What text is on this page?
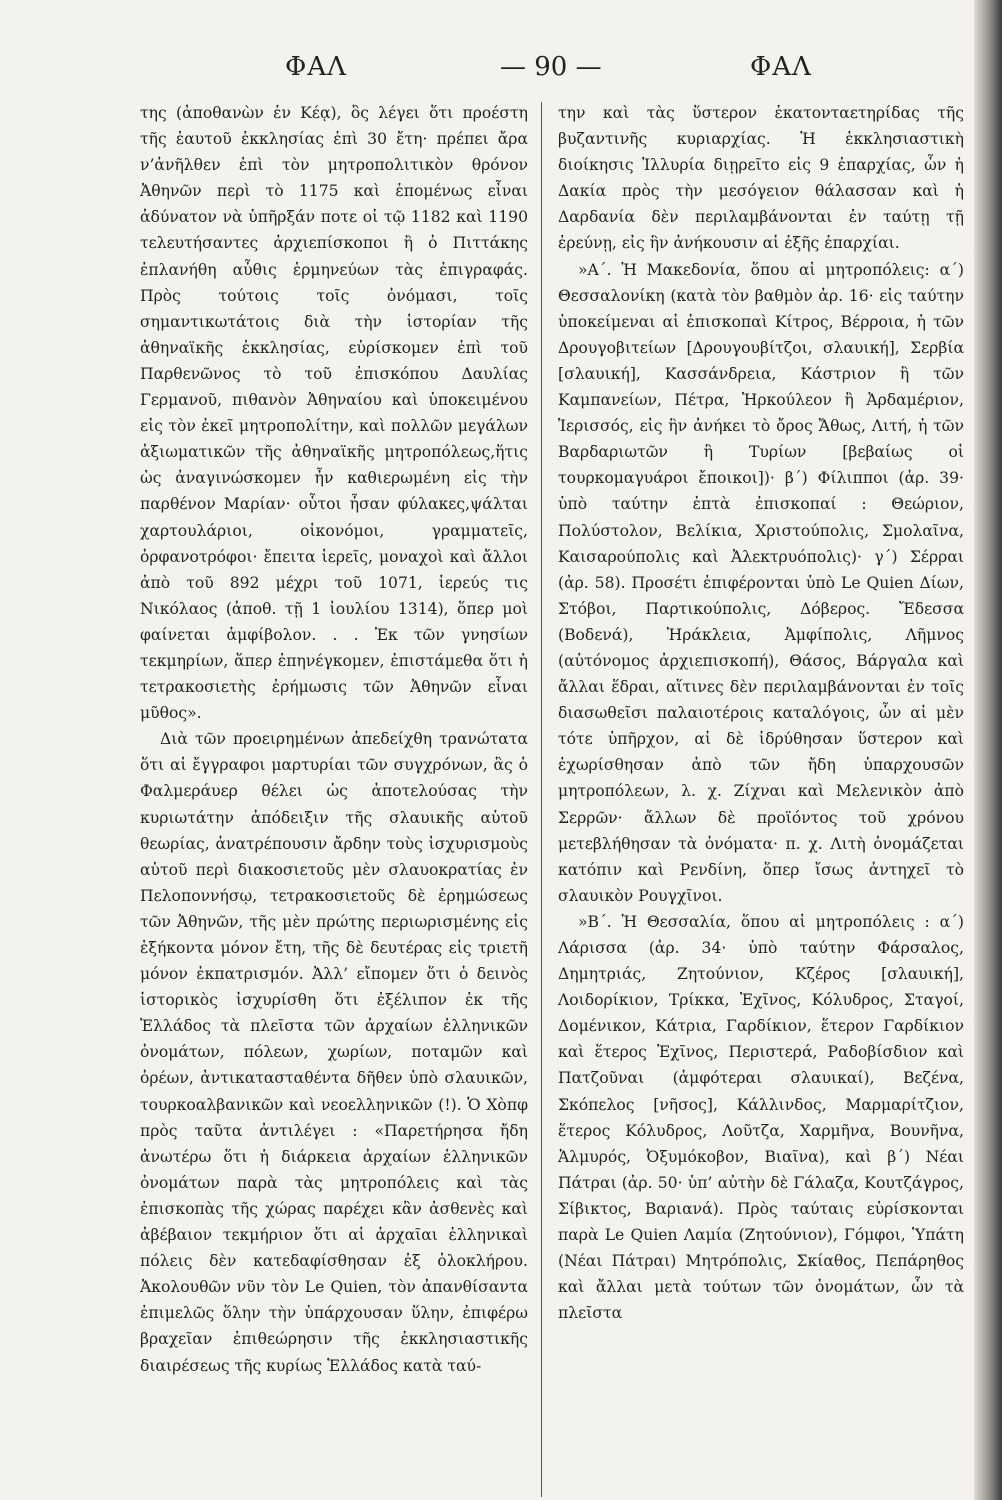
ΦΑΛ	— 90 —	ΦΑΛ

της (ἀποθανὼν ἐν Κέᾳ), ὃς λέγει ὅτι προέστη τῆς ἑαυτοῦ ἐκκλησίας ἐπὶ 30 ἔτη· πρέπει ἄρα ν’ἀνῆλθεν ἐπὶ τὸν μητροπολιτικὸν θρόνον Ἀθηνῶν περὶ τὸ 1175 καὶ ἑπομένως εἶναι ἀδύνατον νὰ ὑπῆρξάν ποτε οἱ τῷ 1182 καὶ 1190 τελευτήσαντες ἀρχιεπίσκοποι ἢ ὁ Πιττάκης ἐπλανήθη αὖθις ἑρμηνεύων τὰς ἐπιγραφάς. Πρὸς τούτοις τοῖς ὀνόμασι, τοῖς σημαντικωτάτοις διὰ τὴν ἱστορίαν τῆς ἀθηναϊκῆς ἐκκλησίας, εὑρίσκομεν ἐπὶ τοῦ Παρθενῶνος τὸ τοῦ ἐπισκόπου Δαυλίας Γερμανοῦ, πιθανὸν Ἀθηναίου καὶ ὑποκειμένου εἰς τὸν ἐκεῖ μητροπολίτην, καὶ πολλῶν μεγάλων ἀξιωματικῶν τῆς ἀθηναϊκῆς μητροπόλεως,ἥτις ὡς ἀναγινώσκομεν ἦν καθιερωμένη εἰς τὴν παρθένον Μαρίαν· οὗτοι ἦσαν φύλακες,ψάλται χαρτουλάριοι, οἰκονόμοι, γραμματεῖς, ὀρφανοτρόφοι· ἔπειτα ἱερεῖς, μοναχοὶ καὶ ἄλλοι ἀπὸ τοῦ 892 μέχρι τοῦ 1071, ἱερεύς τις Νικόλαος (ἀποθ. τῇ 1 ἰουλίου 1314), ὅπερ μοὶ φαίνεται ἀμφίβολον. . . Ἐκ τῶν γνησίων τεκμηρίων, ἅπερ ἐπηνέγκομεν, ἐπιστάμεθα ὅτι ἡ τετρακοσιετὴς ἐρήμωσις τῶν Ἀθηνῶν εἶναι μῦθος».

Διὰ τῶν προειρημένων ἀπεδείχθη τρανώτατα ὅτι αἱ ἔγγραφοι μαρτυρίαι τῶν συγχρόνων, ἃς ὁ Φαλμεράυερ θέλει ὡς ἀποτελούσας τὴν κυριωτάτην ἀπόδειξιν τῆς σλαυικῆς αὑτοῦ θεωρίας, ἀνατρέπουσιν ἄρδην τοὺς ἰσχυρισμοὺς αὑτοῦ περὶ διακοσιετοῦς μὲν σλαυοκρατίας ἐν Πελοποννήσῳ, τετρακοσιετοῦς δὲ ἐρημώσεως τῶν Ἀθηνῶν, τῆς μὲν πρώτης περιωρισμένης εἰς ἑξήκοντα μόνον ἔτη, τῆς δὲ δευτέρας εἰς τριετῆ μόνον ἐκπατρισμόν. Ἀλλ’ εἴπομεν ὅτι ὁ δεινὸς ἱστορικὸς ἰσχυρίσθη ὅτι ἐξέλιπον ἐκ τῆς Ἑλλάδος τὰ πλεῖστα τῶν ἀρχαίων ἑλληνικῶν ὀνομάτων, πόλεων, χωρίων, ποταμῶν καὶ ὀρέων, ἀντικατασταθέντα δῆθεν ὑπὸ σλαυικῶν, τουρκοαλβανικῶν καὶ νεοελληνικῶν (!). Ὁ Χὸπφ πρὸς ταῦτα ἀντιλέγει : «Παρετήρησα ἤδη ἀνωτέρω ὅτι ἡ διάρκεια ἀρχαίων ἑλληνικῶν ὀνομάτων παρὰ τὰς μητροπόλεις καὶ τὰς ἐπισκοπὰς τῆς χώρας παρέχει κἂν ἀσθενὲς καὶ ἀβέβαιον τεκμήριον ὅτι αἱ ἀρχαῖαι ἑλληνικαὶ πόλεις δὲν κατεδαφίσθησαν ἐξ ὁλοκλήρου. Ἀκολουθῶν νῦν τὸν Le Quien, τὸν ἀπανθίσαντα ἐπιμελῶς ὅλην τὴν ὑπάρχουσαν ὕλην, ἐπιφέρω βραχεῖαν ἐπιθεώρησιν τῆς ἐκκλησιαστικῆς διαιρέσεως τῆς κυρίως Ἑλλάδος κατὰ ταύ-

την καὶ τὰς ὕστερον ἑκατονταετηρίδας τῆς βυζαντινῆς κυριαρχίας. Ἡ ἐκκλησιαστικὴ διοίκησις Ἰλλυρία διῃρεῖτο εἰς 9 ἐπαρχίας, ὧν ἡ Δακία πρὸς τὴν μεσόγειον θάλασσαν καὶ ἡ Δαρδανία δὲν περιλαμβάνονται ἐν ταύτῃ τῇ ἐρεύνῃ, εἰς ἣν ἀνήκουσιν αἱ ἐξῆς ἐπαρχίαι.

»Α΄. Ἡ Μακεδονία, ὅπου αἱ μητροπόλεις: α΄) Θεσσαλονίκη (κατὰ τὸν βαθμὸν ἀρ. 16· εἰς ταύτην ὑποκείμεναι αἱ ἐπισκοπαὶ Κίτρος, Βέρροια, ἡ τῶν Δρουγοβιτείων [Δρουγουβίτζοι, σλαυική], Σερβία [σλαυική], Κασσάνδρεια, Κάστριον ἢ τῶν Καμπανείων, Πέτρα, Ἡρκούλεον ἢ Ἀρδαμέριον, Ἱερισσός, εἰς ἣν ἀνήκει τὸ ὄρος Ἄθως, Λιτή, ἡ τῶν Βαρδαριωτῶν ἢ Τυρίων [βεβαίως οἱ τουρκομαγυάροι ἔποικοι])· β΄) Φίλιπποι (ἀρ. 39· ὑπὸ ταύτην ἑπτὰ ἐπισκοπαί : Θεώριον, Πολύστολον, Βελίκια, Χριστούπολις, Σμολαῖνα, Καισαρούπολις καὶ Ἀλεκτρυόπολις)· γ΄) Σέρραι (ἀρ. 58). Προσέτι ἐπιφέρονται ὑπὸ Le Quien Δίων, Στόβοι, Παρτικούπολις, Δόβερος. Ἔδεσσα (Βοδενά), Ἡράκλεια, Ἀμφίπολις, Λῆμνος (αὐτόνομος ἀρχιεπισκοπή), Θάσος, Βάργαλα καὶ ἄλλαι ἕδραι, αἵτινες δὲν περιλαμβάνονται ἐν τοῖς διασωθεῖσι παλαιοτέροις καταλόγοις, ὧν αἱ μὲν τότε ὑπῆρχον, αἱ δὲ ἱδρύθησαν ὕστερον καὶ ἐχωρίσθησαν ἀπὸ τῶν ἤδη ὑπαρχουσῶν μητροπόλεων, λ. χ. Ζίχναι καὶ Μελενικὸν ἀπὸ Σερρῶν· ἄλλων δὲ προϊόντος τοῦ χρόνου μετεβλήθησαν τὰ ὀνόματα· π. χ. Λιτὴ ὀνομάζεται κατόπιν καὶ Ρενδίνη, ὅπερ ἴσως ἀντηχεῖ τὸ σλαυικὸν Ρουγχῖνοι.

»Β΄. Ἡ Θεσσαλία, ὅπου αἱ μητροπόλεις : α΄) Λάρισσα (ἀρ. 34· ὑπὸ ταύτην Φάρσαλος, Δημητριάς, Ζητούνιον, Κζέρος [σλαυική], Λοιδορίκιον, Τρίκκα, Ἐχῖνος, Κόλυδρος, Σταγοί, Δομένικον, Κάτρια, Γαρδίκιον, ἕτερον Γαρδίκιον καὶ ἕτερος Ἐχῖνος, Περιστερά, Ραδοβίσδιον καὶ Πατζοῦναι (ἀμφότεραι σλαυικαί), Βεζένα, Σκόπελος [νῆσος], Κάλλινδος, Μαρμαρίτζιον, ἕτερος Κόλυδρος, Λοῦτζα, Χαρμῆνα, Βουνῆνα, Ἁλμυρός, Ὀξυμόκοβον, Βιαῖνα), καὶ β΄) Νέαι Πάτραι (ἀρ. 50· ὑπ’ αὐτὴν δὲ Γάλαζα, Κουτζάγρος, Σίβικτος, Βαριανά). Πρὸς ταύταις εὑρίσκονται παρὰ Le Quien Λαμία (Ζητούνιον), Γόμφοι, Ὑπάτη (Νέαι Πάτραι) Μητρόπολις, Σκίαθος, Πεπάρηθος καὶ ἄλλαι μετὰ τούτων τῶν ὀνομάτων, ὧν τὰ πλεῖστα
